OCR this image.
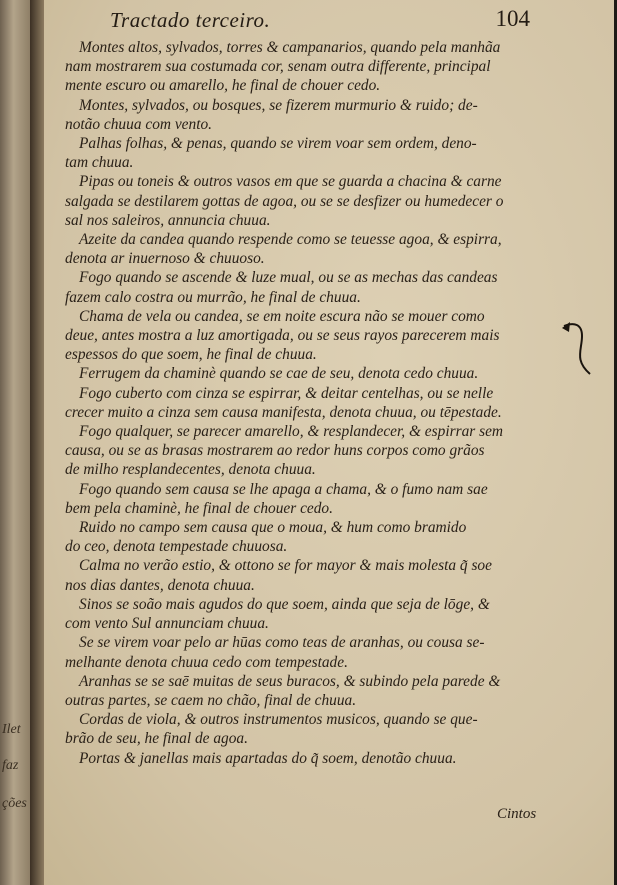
Ilet
faz
ções
Tractado terceiro.	104
Montes altos, sylvados, torres & campanarios, quando pela manhãa
nam mostrarem sua costumada cor, senam outra differente, principal
mente escuro ou amarello, he final de chouer cedo.
Montes, sylvados, ou bosques, se fizerem murmurio & ruido; de-
notão chuua com vento.
Palhas folhas, & penas, quando se virem voar sem ordem, deno-
tam chuua.
Pipas ou toneis & outros vasos em que se guarda a chacina & carne
salgada se destilarem gottas de agoa, ou se se desfizer ou humedecer o
sal nos saleiros, annuncia chuua.
Azeite da candea quando respende como se teuesse agoa, & espirra,
denota ar inuernoso & chuuoso.
Fogo quando se ascende & luze mual, ou se as mechas das candeas
fazem calo costra ou murrão, he final de chuua.
Chama de vela ou candea, se em noite escura não se mouer como
deue, antes mostra a luz amortigada, ou se seus rayos parecerem mais
espessos do que soem, he final de chuua.
Ferrugem da chaminè quando se cae de seu, denota cedo chuua.
Fogo cuberto com cinza se espirrar, & deitar centelhas, ou se nelle
crecer muito a cinza sem causa manifesta, denota chuua, ou tēpestade.
Fogo qualquer, se parecer amarello, & resplandecer, & espirrar sem
causa, ou se as brasas mostrarem ao redor huns corpos como grãos
de milho resplandecentes, denota chuua.
Fogo quando sem causa se lhe apaga a chama, & o fumo nam sae
bem pela chaminè, he final de chouer cedo.
Ruido no campo sem causa que o moua, & hum como bramido
do ceo, denota tempestade chuuosa.
Calma no verão estio, & ottono se for mayor & mais molesta q̃ soe
nos dias dantes, denota chuua.
Sinos se soão mais agudos do que soem, ainda que seja de lōge, &
com vento Sul annunciam chuua.
Se se virem voar pelo ar hūas como teas de aranhas, ou cousa se-
melhante denota chuua cedo com tempestade.
Aranhas se se saē muitas de seus buracos, & subindo pela parede &
outras partes, se caem no chão, final de chuua.
Cordas de viola, & outros instrumentos musicos, quando se que-
brão de seu, he final de agoa.
Portas & janellas mais apartadas do q̃ soem, denotão chuua.
Cintos
